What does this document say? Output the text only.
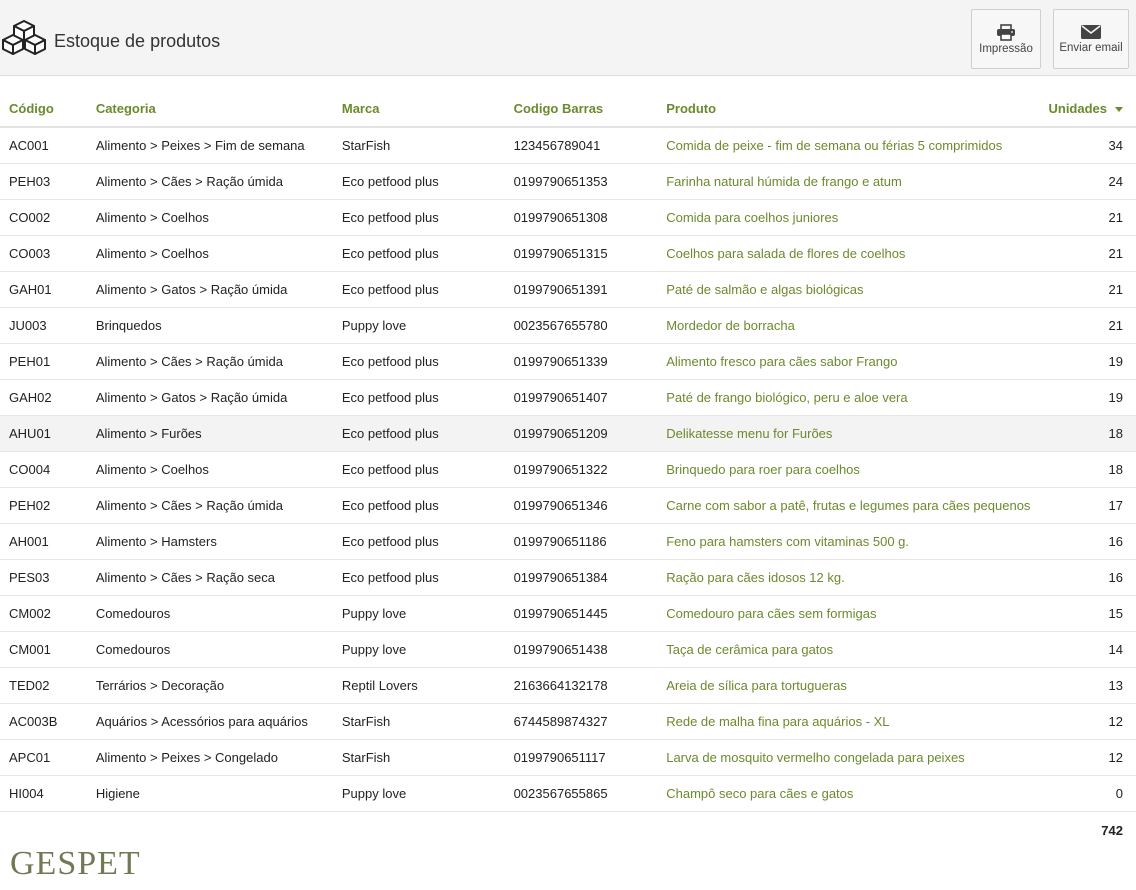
Estoque de produtos	Impressão	Enviar email
Código	Categoria	Marca	Codigo Barras	Produto	Unidades
AC001	Alimento > Peixes > Fim de semana	StarFish	123456789041	Comida de peixe - fim de semana ou férias 5 comprimidos	34
PEH03	Alimento > Cães > Ração úmida	Eco petfood plus	0199790651353	Farinha natural húmida de frango e atum	24
CO002	Alimento > Coelhos	Eco petfood plus	0199790651308	Comida para coelhos juniores	21
CO003	Alimento > Coelhos	Eco petfood plus	0199790651315	Coelhos para salada de flores de coelhos	21
GAH01	Alimento > Gatos > Ração úmida	Eco petfood plus	0199790651391	Paté de salmão e algas biológicas	21
JU003	Brinquedos	Puppy love	0023567655780	Mordedor de borracha	21
PEH01	Alimento > Cães > Ração úmida	Eco petfood plus	0199790651339	Alimento fresco para cães sabor Frango	19
GAH02	Alimento > Gatos > Ração úmida	Eco petfood plus	0199790651407	Paté de frango biológico, peru e aloe vera	19
AHU01	Alimento > Furões	Eco petfood plus	0199790651209	Delikatesse menu for Furões	18
CO004	Alimento > Coelhos	Eco petfood plus	0199790651322	Brinquedo para roer para coelhos	18
PEH02	Alimento > Cães > Ração úmida	Eco petfood plus	0199790651346	Carne com sabor a patê, frutas e legumes para cães pequenos	17
AH001	Alimento > Hamsters	Eco petfood plus	0199790651186	Feno para hamsters com vitaminas 500 g.	16
PES03	Alimento > Cães > Ração seca	Eco petfood plus	0199790651384	Ração para cães idosos 12 kg.	16
CM002	Comedouros	Puppy love	0199790651445	Comedouro para cães sem formigas	15
CM001	Comedouros	Puppy love	0199790651438	Taça de cerâmica para gatos	14
TED02	Terrários > Decoração	Reptil Lovers	2163664132178	Areia de sílica para tortugueras	13
AC003B	Aquários > Acessórios para aquários	StarFish	6744589874327	Rede de malha fina para aquários - XL	12
APC01	Alimento > Peixes > Congelado	StarFish	0199790651117	Larva de mosquito vermelho congelada para peixes	12
HI004	Higiene	Puppy love	0023567655865	Champô seco para cães e gatos	0
					742
GESPET
